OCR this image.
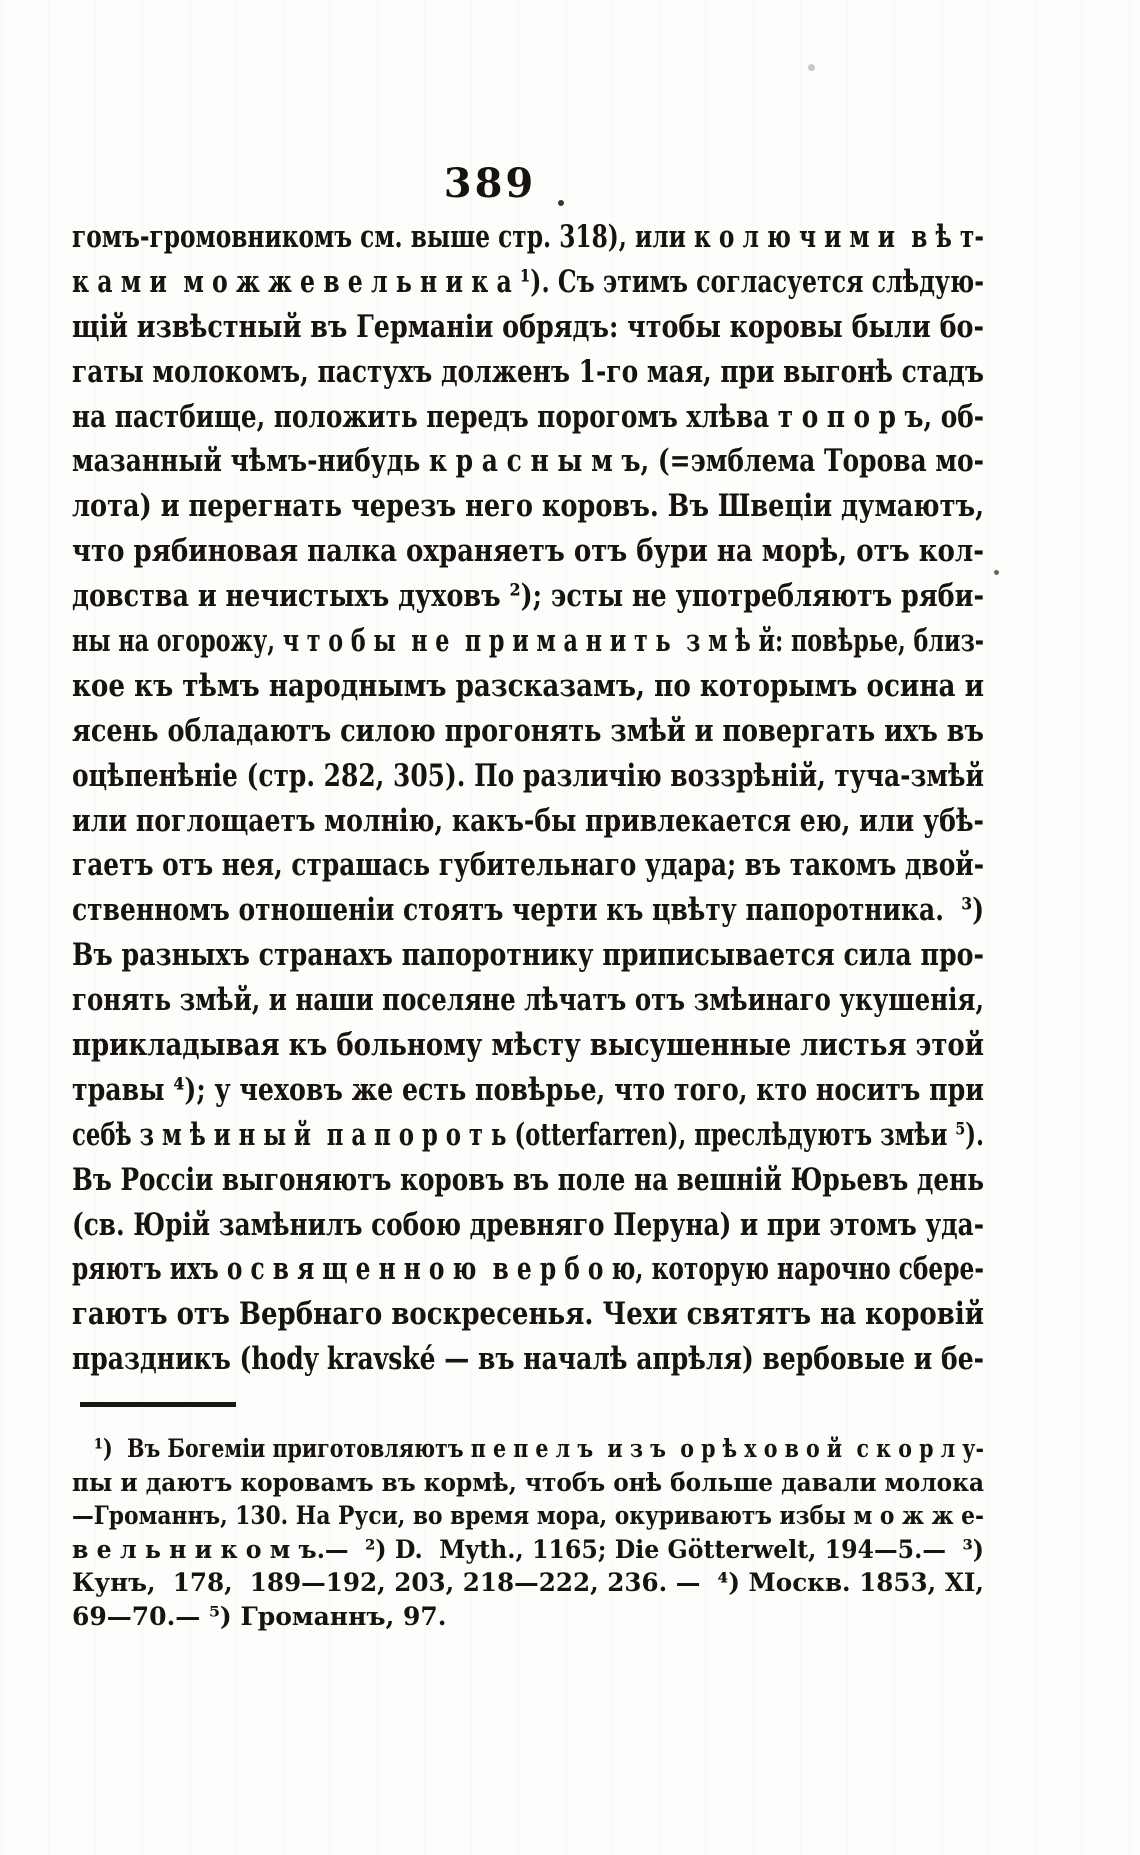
389
гомъ-громовникомъ см. выше стр. 318), или к о л ю ч и м и  в ѣ т-
к а м и  м о ж ж е в е л ь н и к а ¹). Съ этимъ согласуется слѣдую-
щій извѣстный въ Германіи обрядъ: чтобы коровы были бо-
гаты молокомъ, пастухъ долженъ 1-го мая, при выгонѣ стадъ
на пастбище, положить передъ порогомъ хлѣва т о п о р ъ, об-
мазанный чѣмъ-нибудь к р а с н ы м ъ, (=эмблема Торова мо-
лота) и перегнать черезъ него коровъ. Въ Швеціи думаютъ,
что рябиновая палка охраняетъ отъ бури на морѣ, отъ кол-
довства и нечистыхъ духовъ ²); эсты не употребляютъ ряби-
ны на огорожу, ч т о б ы  н е  п р и м а н и т ь  з м ѣ й: повѣрье, близ-
кое къ тѣмъ народнымъ разсказамъ, по которымъ осина и
ясень обладаютъ силою прогонять змѣй и повергать ихъ въ
оцѣпенѣніе (стр. 282, 305). По различію воззрѣній, туча-змѣй
или поглощаетъ молнію, какъ-бы привлекается ею, или убѣ-
гаетъ отъ нея, страшась губительнаго удара; въ такомъ двой-
ственномъ отношеніи стоятъ черти къ цвѣту папоротника.  ³)
Въ разныхъ странахъ папоротнику приписывается сила про-
гонять змѣй, и наши поселяне лѣчатъ отъ змѣинаго укушенія,
прикладывая къ больному мѣсту высушенные листья этой
травы ⁴); у чеховъ же есть повѣрье, что того, кто носитъ при
себѣ з м ѣ и н ы й  п а п о р о т ь (otterfarren), преслѣдуютъ змѣи ⁵).
Въ Россіи выгоняютъ коровъ въ поле на вешній Юрьевъ день
(св. Юрій замѣнилъ собою древняго Перуна) и при этомъ уда-
ряютъ ихъ о с в я щ е н н о ю  в е р б о ю, которую нарочно сбере-
гаютъ отъ Вербнаго воскресенья. Чехи святятъ на коровій
праздникъ (hody kravské — въ началѣ апрѣля) вербовые и бе-
¹)  Въ Богеміи приготовляютъ п е п е л ъ  и з ъ  о р ѣ х о в о й  с к о р л у-
пы и даютъ коровамъ въ кормѣ, чтобъ онѣ больше давали молока
—Громаннъ, 130. На Руси, во время мора, окуриваютъ избы м о ж ж е-
в е л ь н и к о м ъ.—  ²) D.  Myth., 1165; Die Götterwelt, 194—5.—  ³)
Кунъ,  178,  189—192, 203, 218—222, 236. —  ⁴) Москв. 1853, XI,
69—70.— ⁵) Громаннъ, 97.
